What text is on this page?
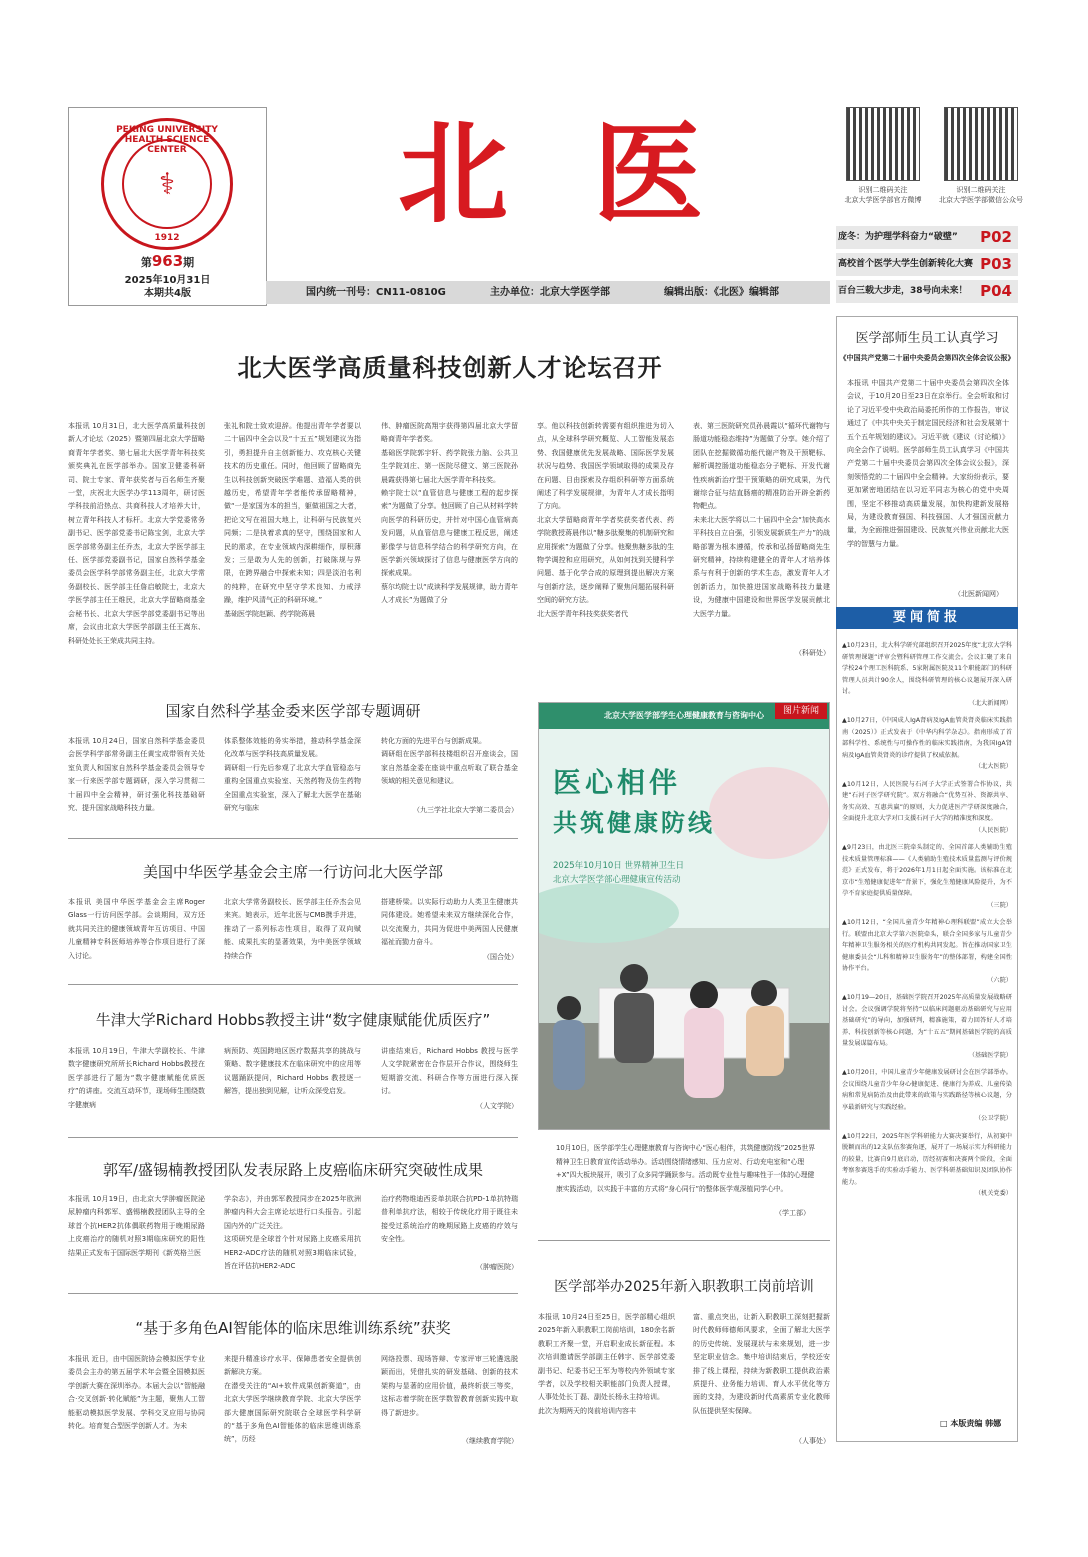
PEKING UNIVERSITY HEALTH SCIENCE CENTER
⚕
1912
第963期
2025年10月31日
本期共4版
北医
国内统一刊号：CN11-0810G	主办单位：北京大学医学部	编辑出版：《北医》编辑部
识别二维码关注
北京大学医学部官方微博
识别二维码关注
北京大学医学部微信公众号
庞冬：为护理学科奋力“破壁” P02
高校首个医学大学生创新转化大赛 P03
百台三载大步走，38号向未来！ P04
北大医学高质量科技创新人才论坛召开
本报讯 10月31日，北大医学高质量科技创新人才论坛（2025）暨第四届北京大学留略商青年学者奖、第七届北大医学青年科技奖颁奖典礼在医学部举办。国家卫健委科研司、院士专家、青年获奖者与百名师生齐聚一堂，庆祝北大医学办学113周年，研讨医学科技前沿热点、共商科技人才培养大计，树立青年科技人才标杆。北京大学党委常务副书记、医学部党委书记陈宝剑，北京大学医学部常务副主任乔杰，北京大学医学部主任、医学部党委副书记，国家自然科学基金委员会医学科学部常务副主任，北京大学常务副校长、医学部主任詹启敏院士，北京大学医学部主任王维民，北京大学留略商基金会秘书长、北京大学医学部党委副书记等出席，会议由北京大学医学部副主任王嵩东、科研处处长王荣成共同主持。
张礼和院士致欢迎辞。他提出青年学者要以二十届四中全会以及“十五五”规划建议为指引，勇担提升自主创新能力、攻克核心关键技术的历史重任。同时，他回顾了留略商先生以科技创新突破医学难题、造福人类的供越历史，希望青年学者能传承留略精神，做“一是家国为本的担当，躯做祖国之大者，把论文写在祖国大地上，让科研与民族复兴同频；二是执着求真的坚守，围绕国家和人民的需求，在专业领域内深耕细作，厚积薄发；三是敢为人先的创新，打破陈规与界限，在跨界融合中探索未知；四是淡泊名利的纯粹，在研究中坚守学术良知、力戒浮躁，维护风清气正的科研环境。”
基础医学院赵颖、药学院蒋晨
伟、肿瘤医院高翔宇获得第四届北京大学留略商青年学者奖。
基础医学院郭宇轩、药学院张力脑、公共卫生学院刘庄、第一医院尽健文、第三医院孙晨霞获得第七届北大医学青年科技奖。
赖宇院士以“血管信息与健康工程的起步探索”为题做了分享。他回顾了自己从材料学转向医学的科研历史，并针对中国心血管病高发问题，从血管信息与健康工程反思，阐述影像学与信息科学结合的科学研究方向，在医学新兴领域探讨了信息与健康医学方向的探索成果。
蔡尔均院士以“成读科学发展规律，助力青年人才成长”为题做了分
享。他以科技创新转需要有组织推进为切入点，从全球科学研究概览、人工智能发展态势、我国健康优先发展战略、国际医学发展状况与趋势、我国医学领域取得的成果及存在问题、目由探索及存组织科研等方面系统阐述了科学发展规律，为青年人才成长指明了方向。
北京大学留略商青年学者奖获奖者代表、药学院教授蒋晨伟以“糖多肽聚集的机制研究和应用探索”为题做了分享。他聚焦糖多肽的生物学调控和应用研究，从如何找到关键科学问题、基于化学合成的原理到提出解决方案与创新疗法，逐步阐释了聚焦问题拓展科研空间的研究方法。
北大医学青年科技奖获奖者代
表、第三医院研究员孙晨霞以“循环代谢物与肠道功能稳态维持”为题做了分享。她介绍了团队在挖掘微循功能代谢产物及干预靶标、解析调控肠道功能稳态分子靶标、开发代谢性疾病新治疗型干预策略的研究成果，为代谢综合征与结直肠癌的精准防治开辟全新药物靶点。
未来北大医学将以二十届四中全会“加快高水平科技自立自强，引领发展新质生产力”的战略部署为根本遵循，传承和弘扬留略商先生研究精神，持续构建健全的青年人才培养体系与有利于创新的学术生态，激发青年人才创新活力，加快推进国家战略科技力量建设，为健康中国建设和世界医学发展贡献北大医学力量。
（科研处）
医学部师生员工认真学习
《中国共产党第二十届中央委员会第四次全体会议公报》
本报讯 中国共产党第二十届中央委员会第四次全体会议，于10月20日至23日在京举行。全会听取和讨论了习近平受中央政治局委托所作的工作报告，审议通过了《中共中央关于制定国民经济和社会发展第十五个五年规划的建议》。习近平就《建议（讨论稿）》向全会作了说明。医学部师生员工认真学习《中国共产党第二十届中央委员会第四次全体会议公报》，深刻领悟党的二十届四中全会精神。大家纷纷表示，要更加紧密地团结在以习近平同志为核心的党中央周围，坚定不移推动高质量发展，加快构建新发展格局，为建设教育强国、科技强国、人才强国贡献力量，为全面推进强国建设、民族复兴伟业贡献北大医学的智慧与力量。
（北医新闻网）
要闻简报
▲10月23日，北大科学研究部组织召开2025年度“北京大学科研管理课题”评审会暨科研管理工作交流会。会议汇聚了来自学校24个理工医科院系、5家附属医院及11个职能部门的科研管理人员共计90余人，围绕科研管理的核心议题展开深入研讨。
（北大新闻网）
▲10月27日，《中国成人IgA肾病及IgA血管炎肾炎临床实践指南（2025）》正式发表于《中华内科学杂志》。指南形成了首部科学性、系统性与可操作性的临床实践指南，为我国IgA肾病及IgA血管炎肾炎的诊疗提供了权威依据。
（北大医院）
▲10月12日，人民医院与石河子大学正式签署合作协议，共建“石河子医学研究院”。双方将融合“优势互补、资源共享、务实高效、互惠共赢”的原则，大力促进医产学研深度融合，全面提升北京大学对口支援石河子大学的精准度和深度。
（人民医院）
▲9月23日，由北医三院牵头制定的、全国首部人类辅助生殖技术质量管理标准——《人类辅助生殖技术质量监测与评价规范》正式发布，将于2026年1月1日起全面实施。该标准在北京市“生殖健康促进年”背景下，强化生殖健康风险提升，为不孕不育家庭提供质量保障。
（三院）
▲10月12日，“全国儿童青少年精神心理科联盟”成立大会举行。联盟由北京大学第六医院牵头，联合全国多家与儿童青少年精神卫生服务相关的医疗机构共同发起。旨在推动国家卫生健康委员会“儿科和精神卫生服务年”的整体部署，构建全国性协作平台。
（六院）
▲10月19—20日，基础医学院召开2025年高质量发展战略研讨会。会议强调学院将坚持“以临床问题驱动基础研究与应用基础研究”的导向，加强研判，精准施策，着力回答好人才培养、科技创新等核心问题，为“十五五”期间基础医学院的高质量发展谋篇布局。
（基础医学院）
▲10月20日，中国儿童青少年健康发展研讨会在医学部举办。会议围绕儿童青少年身心健康促进、健康行为养成、儿童传染病和常见病防治及由此带来的政策与实践路径等核心议题，分享最新研究与实践经验。
（公卫学院）
▲10月22日，2025年医学科研能力大赛决赛举行，从初赛中脱颖而出的12支队伍参赛角逐，展开了一场展示实力科研能力的较量，比赛自9月底启动，历经初赛和决赛两个阶段，全面考察参赛选手的实验动手能力、医学科研基础知识及团队协作能力。
（机关党委）
□ 本版责编 韩娜
国家自然科学基金委来医学部专题调研
本报讯 10月24日，国家自然科学基金委员会医学科学部常务副主任黄宝成带领有关处室负责人和国家自然科学基金委员会领导专家一行来医学部专题调研，深入学习贯彻二十届四中全会精神，研讨强化科技基础研究、提升国家战略科技力量。
体系整体效能的务实举措，推动科学基金深化改革与医学科技高质量发展。
调研组一行先后参观了北京大学血管稳态与重构全国重点实验室、天然药物及仿生药物全国重点实验室，深入了解北大医学在基础研究与临床
转化方面的先进平台与创新成果。
调研组在医学部科技楼组织召开座谈会，国家自然基金委在座谈中重点听取了联合基金领域的相关意见和建议。
（九三学社北京大学第二委员会）
美国中华医学基金会主席一行访问北大医学部
本报讯 美国中华医学基金会主席Roger Glass一行访问医学部。会谈期间，双方还就共同关注的健康领域青年互访项目、中国儿童精神专科医师培养等合作项目进行了深入讨论。
北京大学常务副校长、医学部主任乔杰会见来宾。她表示，近年北医与CMB携手并进，推动了一系列标志性项目，取得了双向赋能、成果扎实的显著效果，为中美医学领域持续合作
搭建桥梁。以实际行动助力人类卫生健康共同体建设。她希望未来双方继续深化合作，以交流聚力，共同为促进中美两国人民健康福祉而勠力奋斗。
（国合处）
牛津大学Richard Hobbs教授主讲“数字健康赋能优质医疗”
本报讯 10月19日，牛津大学副校长、牛津数字健康研究所所长Richard Hobbs教授在医学部进行了题为“数字健康赋能优质医疗”的讲座。交流互动环节，现场师生围绕数字健康病
病预防、英国跨地区医疗数据共享的挑战与策略、数字健康技术在临床研究中的应用等议题踊跃提问，Richard Hobbs 教授逐一解答，提出独到见解，让听众深受启发。
讲座结束后，Richard Hobbs 教授与医学人文学院紧密在合作层开合作议，围绕师生短期游交流、科研合作等方面进行深入探讨。
（人文学院）
郭军/盛锡楠教授团队发表尿路上皮癌临床研究突破性成果
本报讯 10月19日，由北京大学肿瘤医院泌尿肿瘤内科郭军、盛锡楠教授团队主导的全球首个抗HER2抗体偶联药物用于晚期尿路上皮癌治疗的随机对照3期临床研究的阳性结果正式发布于国际医学期刊《新英格兰医
学杂志》，并由郭军教授同步在2025年欧洲肿瘤内科大会主席论坛进行口头报告。引起国内外的广泛关注。
这项研究是全球首个针对尿路上皮癌采用抗HER2-ADC疗法的随机对照3期临床试验，旨在评估抗HER2-ADC
治疗药物维迪西妥单抗联合抗PD-1单抗特瑞普利单抗疗法，相较于传统化疗用于既往未接受过系统治疗的晚期尿路上皮癌的疗效与安全性。
（肿瘤医院）
“基于多角色AI智能体的临床思维训练系统”获奖
本报讯 近日，由中国医院协会模拟医学专业委员会主办的第五届学术年会暨全国模拟医学创新大赛在深圳举办。本届大会以“智能融合·交叉创新·转化赋能”为主题，聚焦人工智能驱动模拟医学发展、学科交叉应用与协同转化。培育复合型医学创新人才。为未
来提升精准诊疗水平、保障患者安全提供创新解决方案。
在潜受关注的“AI+软件成果创新赛道”，由北京大学医学继续教育学院、北京大学医学部大健康国际研究院联合全球医学科学研的“基于多角色AI智能体的临床思维训练系统”，历经
网络投票、现场答辩、专家评审三轮遴选脱颖而出，凭借扎实的研发基础、创新的技术架构与显著的应用价值，最终斩获三等奖，这标志着学院在医学数智教育创新实践中取得了新进步。
（继续教育学院）
北京大学医学部学生心理健康教育与咨询中心
医心相伴
共筑健康防线
2025年10月10日 世界精神卫生日
北京大学医学部心理健康宣传活动
图片新闻
10月10日，医学部学生心理健康教育与咨询中心“医心相伴，共筑健康防线”2025世界精神卫生日教育宣传活动举办。活动围绕情绪感知、压力应对、行动充电室和“心理+X”四大板块展开，吸引了众多同学踊跃参与。活动既专业性与趣味性于一体的心理健康实践活动，以实践于丰富的方式将“身心同行”的整体医学观深植同学心中。
（学工部）
医学部举办2025年新入职教职工岗前培训
本报讯 10月24日至25日，医学部精心组织2025年新入职教职工岗前培训，180余名新教职工齐聚一堂，开启职业成长新征程。本次培训邀请医学部副主任韩宇、医学部党委副书记、纪委书记王军为等校内外领域专家学者，以及学校相关职能部门负责人授课，人事处处长丁磊、副处长杨永主持培训。
此次为期两天的岗前培训内容丰
富、重点突出，让新入职教职工深刻把握新时代教师师德师风要求，全面了解北大医学的历史传统、发展现状与未来规划，进一步坚定职业信念。集中培训结束后，学校还安排了线上课程，持续为新教职工提供政治素质提升、业务能力培训、育人水平优化等方面的支持，为建设新时代高素质专业化教师队伍提供坚实保障。
（人事处）
